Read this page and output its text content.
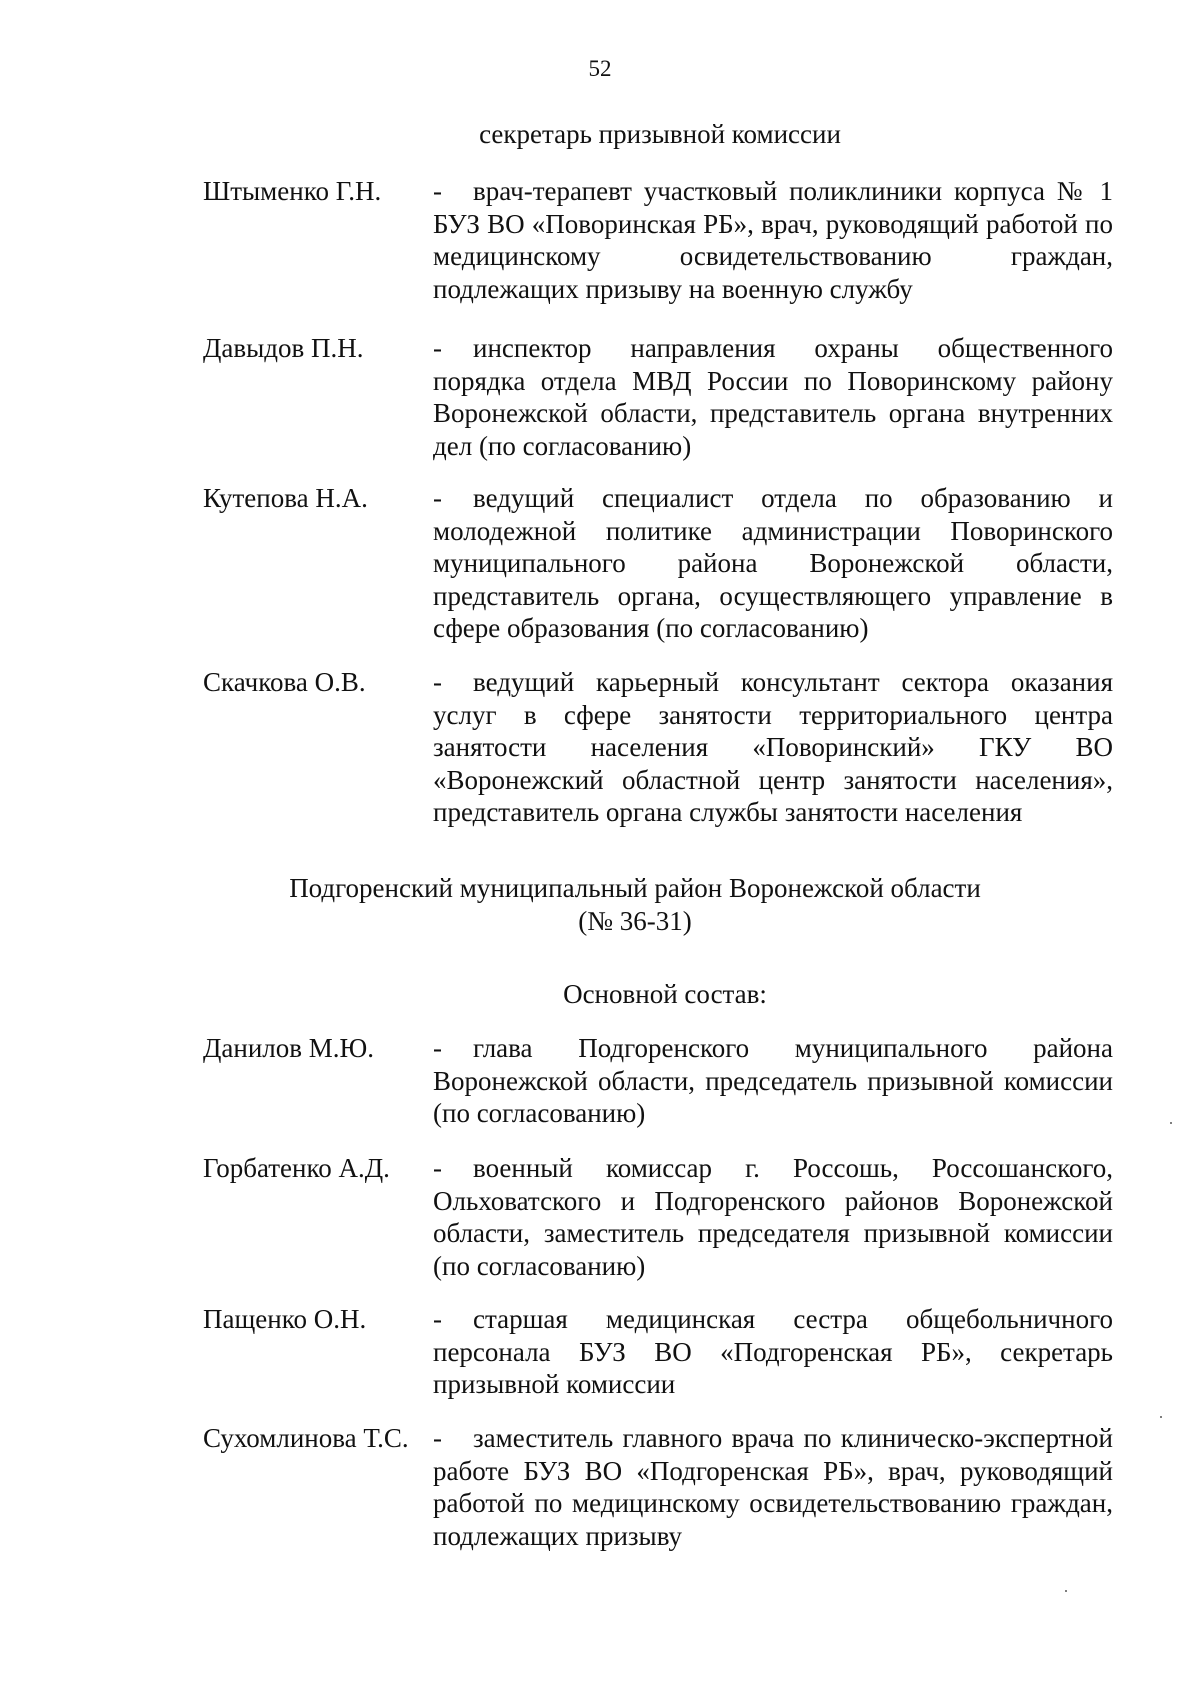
52
секретарь призывной комиссии
Штыменко Г.Н.	- врач-терапевт участковый поликлиники корпуса № 1 БУЗ ВО «Поворинская РБ», врач, руководящий работой по медицинскому освидетельствованию граждан, подлежащих призыву на военную службу
Давыдов П.Н.	- инспектор направления охраны общественного порядка отдела МВД России по Поворинскому району Воронежской области, представитель органа внутренних дел (по согласованию)
Кутепова Н.А.	- ведущий специалист отдела по образованию и молодежной политике администрации Поворинского муниципального района Воронежской области, представитель органа, осуществляющего управление в сфере образования (по согласованию)
Скачкова О.В.	- ведущий карьерный консультант сектора оказания услуг в сфере занятости территориального центра занятости населения «Поворинский» ГКУ ВО «Воронежский областной центр занятости населения», представитель органа службы занятости населения
Подгоренский муниципальный район Воронежской области
(№ 36-31)
Основной состав:
Данилов М.Ю.	- глава Подгоренского муниципального района Воронежской области, председатель призывной комиссии (по согласованию)
Горбатенко А.Д.	- военный комиссар г. Россошь, Россошанского, Ольховатского и Подгоренского районов Воронежской области, заместитель председателя призывной комиссии (по согласованию)
Пащенко О.Н.	- старшая медицинская сестра общебольничного персонала БУЗ ВО «Подгоренская РБ», секретарь призывной комиссии
Сухомлинова Т.С. - заместитель главного врача по клиническо-экспертной работе БУЗ ВО «Подгоренская РБ», врач, руководящий работой по медицинскому освидетельствованию граждан, подлежащих призыву
